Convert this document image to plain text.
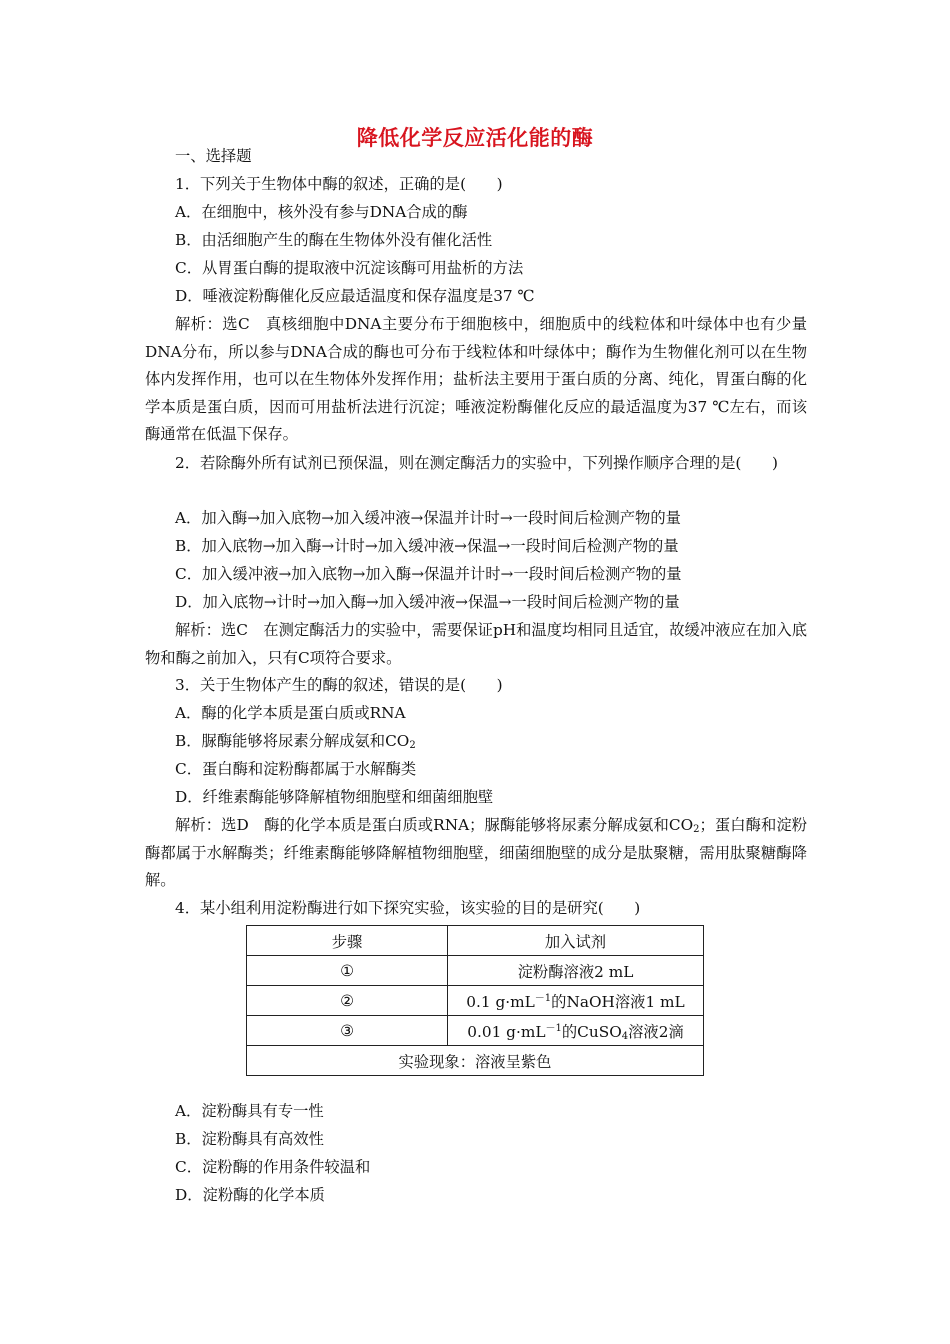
降低化学反应活化能的酶
一、选择题
1．下列关于生物体中酶的叙述，正确的是(　　)
A．在细胞中，核外没有参与DNA合成的酶
B．由活细胞产生的酶在生物体外没有催化活性
C．从胃蛋白酶的提取液中沉淀该酶可用盐析的方法
D．唾液淀粉酶催化反应最适温度和保存温度是37 ℃
解析：选C　真核细胞中DNA主要分布于细胞核中，细胞质中的线粒体和叶绿体中也有少量DNA分布，所以参与DNA合成的酶也可分布于线粒体和叶绿体中；酶作为生物催化剂可以在生物体内发挥作用，也可以在生物体外发挥作用；盐析法主要用于蛋白质的分离、纯化，胃蛋白酶的化学本质是蛋白质，因而可用盐析法进行沉淀；唾液淀粉酶催化反应的最适温度为37 ℃左右，而该酶通常在低温下保存。
2．若除酶外所有试剂已预保温，则在测定酶活力的实验中，下列操作顺序合理的是(　　)
A．加入酶→加入底物→加入缓冲液→保温并计时→一段时间后检测产物的量
B．加入底物→加入酶→计时→加入缓冲液→保温→一段时间后检测产物的量
C．加入缓冲液→加入底物→加入酶→保温并计时→一段时间后检测产物的量
D．加入底物→计时→加入酶→加入缓冲液→保温→一段时间后检测产物的量
解析：选C　在测定酶活力的实验中，需要保证pH和温度均相同且适宜，故缓冲液应在加入底物和酶之前加入，只有C项符合要求。
3．关于生物体产生的酶的叙述，错误的是(　　)
A．酶的化学本质是蛋白质或RNA
B．脲酶能够将尿素分解成氨和$CO_2$
C．蛋白酶和淀粉酶都属于水解酶类
D．纤维素酶能够降解植物细胞壁和细菌细胞壁
解析：选D　酶的化学本质是蛋白质或RNA；脲酶能够将尿素分解成氨和$CO_2$；蛋白酶和淀粉酶都属于水解酶类；纤维素酶能够降解植物细胞壁，细菌细胞壁的成分是肽聚糖，需用肽聚糖酶降解。
4．某小组利用淀粉酶进行如下探究实验，该实验的目的是研究(　　)
步骤	加入试剂
①	淀粉酶溶液2 mL
②	0.1 $g\cdot mL^{-1}$的NaOH溶液1 mL
③	0.01 $g\cdot mL^{-1}$的CuSO$_4$溶液2滴
实验现象：溶液呈紫色	
A．淀粉酶具有专一性
B．淀粉酶具有高效性
C．淀粉酶的作用条件较温和
D．淀粉酶的化学本质
